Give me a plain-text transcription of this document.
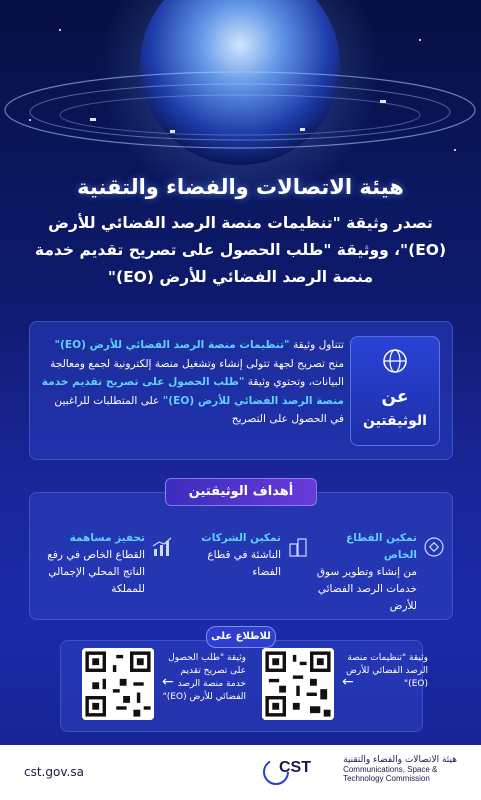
هيئة الاتصالات والفضاء والتقنية
تصدر وثيقة "تنظيمات منصة الرصد الفضائي للأرض (EO)"، ووثيقة "طلب الحصول على تصريح تقديم خدمة منصة الرصد الفضائي للأرض (EO)"
عن
الوثيقتين
تتناول وثيقة "تنظيمات منصة الرصد الفضائي للأرض (EO)" منح تصريح لجهة تتولى إنشاء وتشغيل منصة إلكترونية لجمع ومعالجة البيانات، وتحتوي وثيقة "طلب الحصول على تصريح تقديم خدمة منصة الرصد الفضائي للأرض (EO)" على المتطلبات للراغبين في الحصول على التصريح
أهداف الوثيقتين
تمكين القطاع الخاص
من إنشاء وتطوير سوق خدمات الرصد الفضائي للأرض
تمكين الشركات
الناشئة في قطاع الفضاء
تحفيز مساهمة
القطاع الخاص في رفع الناتج المحلي الإجمالي للمملكة
للاطلاع على
وثيقة "تنظيمات منصة الرصد الفضائي للأرض (EO)"
←
وثيقة "طلب الحصول على تصريح تقديم خدمة منصة الرصد الفضائي للأرض (EO)"
←
cst.gov.sa	CST	هيئة الاتصالات والفضاء والتقنية
Communications, Space &
Technology Commission
